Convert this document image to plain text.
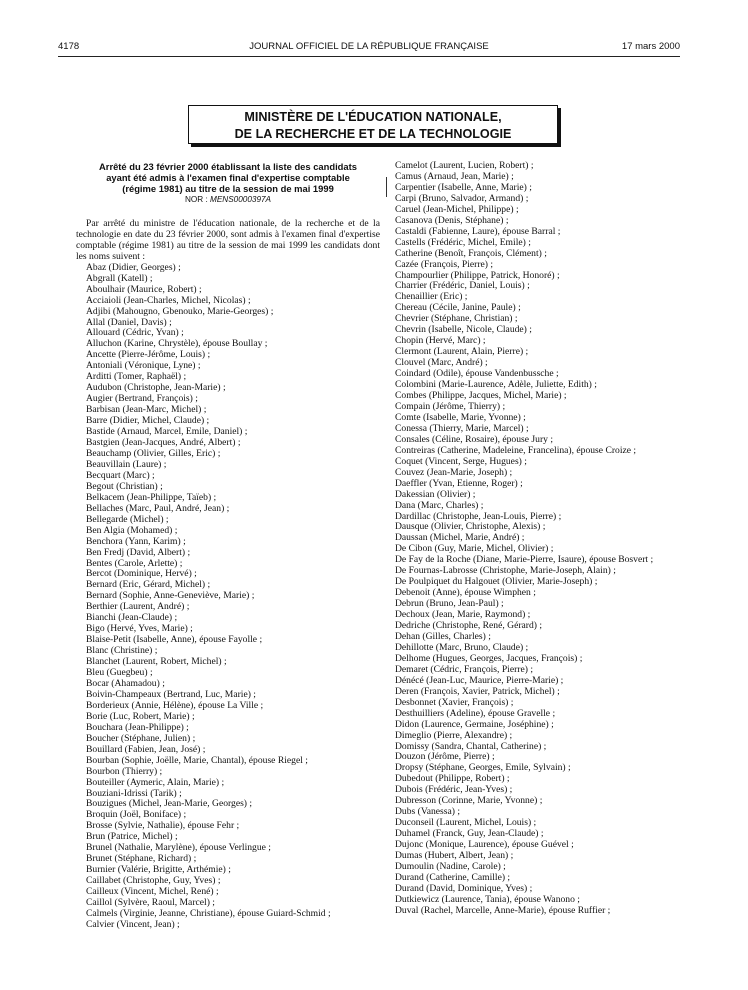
4178	JOURNAL OFFICIEL DE LA RÉPUBLIQUE FRANÇAISE	17 mars 2000
MINISTÈRE DE L'ÉDUCATION NATIONALE,
DE LA RECHERCHE ET DE LA TECHNOLOGIE
Arrêté du 23 février 2000 établissant la liste des candidats
ayant été admis à l'examen final d'expertise comptable
(régime 1981) au titre de la session de mai 1999
NOR : MENS0000397A

Par arrêté du ministre de l'éducation nationale, de la recherche et de la technologie en date du 23 février 2000, sont admis à l'examen final d'expertise comptable (régime 1981) au titre de la session de mai 1999 les candidats dont les noms suivent :

Abaz (Didier, Georges) ;
Abgrall (Katell) ;
Aboulhair (Maurice, Robert) ;
Acciaioli (Jean-Charles, Michel, Nicolas) ;
Adjibi (Mahougno, Gbenouko, Marie-Georges) ;
Allal (Daniel, Davis) ;
Allouard (Cédric, Yvan) ;
Alluchon (Karine, Chrystèle), épouse Boullay ;
Ancette (Pierre-Jérôme, Louis) ;
Antoniali (Véronique, Lyne) ;
Arditti (Tomer, Raphaël) ;
Audubon (Christophe, Jean-Marie) ;
Augier (Bertrand, François) ;
Barbisan (Jean-Marc, Michel) ;
Barre (Didier, Michel, Claude) ;
Bastide (Arnaud, Marcel, Emile, Daniel) ;
Bastgien (Jean-Jacques, André, Albert) ;
Beauchamp (Olivier, Gilles, Eric) ;
Beauvillain (Laure) ;
Becquart (Marc) ;
Begout (Christian) ;
Belkacem (Jean-Philippe, Taïeb) ;
Bellaches (Marc, Paul, André, Jean) ;
Bellegarde (Michel) ;
Ben Algia (Mohamed) ;
Benchora (Yann, Karim) ;
Ben Fredj (David, Albert) ;
Bentes (Carole, Arlette) ;
Bercot (Dominique, Hervé) ;
Bernard (Eric, Gérard, Michel) ;
Bernard (Sophie, Anne-Geneviève, Marie) ;
Berthier (Laurent, André) ;
Bianchi (Jean-Claude) ;
Bigo (Hervé, Yves, Marie) ;
Blaise-Petit (Isabelle, Anne), épouse Fayolle ;
Blanc (Christine) ;
Blanchet (Laurent, Robert, Michel) ;
Bleu (Guegbeu) ;
Bocar (Ahamadou) ;
Boivin-Champeaux (Bertrand, Luc, Marie) ;
Borderieux (Annie, Hélène), épouse La Ville ;
Borie (Luc, Robert, Marie) ;
Bouchara (Jean-Philippe) ;
Boucher (Stéphane, Julien) ;
Bouillard (Fabien, Jean, José) ;
Bourban (Sophie, Joëlle, Marie, Chantal), épouse Riegel ;
Bourbon (Thierry) ;
Bouteiller (Aymeric, Alain, Marie) ;
Bouziani-Idrissi (Tarik) ;
Bouzigues (Michel, Jean-Marie, Georges) ;
Broquin (Joël, Boniface) ;
Brosse (Sylvie, Nathalie), épouse Fehr ;
Brun (Patrice, Michel) ;
Brunel (Nathalie, Marylène), épouse Verlingue ;
Brunet (Stéphane, Richard) ;
Burnier (Valérie, Brigitte, Arthémie) ;
Caillabet (Christophe, Guy, Yves) ;
Cailleux (Vincent, Michel, René) ;
Caillol (Sylvère, Raoul, Marcel) ;
Calmels (Virginie, Jeanne, Christiane), épouse Guiard-Schmid ;
Calvier (Vincent, Jean) ;
Camelot (Laurent, Lucien, Robert) ;
Camus (Arnaud, Jean, Marie) ;
Carpentier (Isabelle, Anne, Marie) ;
Carpi (Bruno, Salvador, Armand) ;
Caruel (Jean-Michel, Philippe) ;
Casanova (Denis, Stéphane) ;
Castaldi (Fabienne, Laure), épouse Barral ;
Castells (Frédéric, Michel, Emile) ;
Catherine (Benoît, François, Clément) ;
Cazée (François, Pierre) ;
Champourlier (Philippe, Patrick, Honoré) ;
Charrier (Frédéric, Daniel, Louis) ;
Chenaillier (Eric) ;
Chereau (Cécile, Janine, Paule) ;
Chevrier (Stéphane, Christian) ;
Chevrin (Isabelle, Nicole, Claude) ;
Chopin (Hervé, Marc) ;
Clermont (Laurent, Alain, Pierre) ;
Clouvel (Marc, André) ;
Coindard (Odile), épouse Vandenbussche ;
Colombini (Marie-Laurence, Adèle, Juliette, Edith) ;
Combes (Philippe, Jacques, Michel, Marie) ;
Compain (Jérôme, Thierry) ;
Comte (Isabelle, Marie, Yvonne) ;
Conessa (Thierry, Marie, Marcel) ;
Consales (Céline, Rosaire), épouse Jury ;
Contreiras (Catherine, Madeleine, Francelina), épouse Croize ;
Coquet (Vincent, Serge, Hugues) ;
Couvez (Jean-Marie, Joseph) ;
Daeffler (Yvan, Etienne, Roger) ;
Dakessian (Olivier) ;
Dana (Marc, Charles) ;
Dardillac (Christophe, Jean-Louis, Pierre) ;
Dausque (Olivier, Christophe, Alexis) ;
Daussan (Michel, Marie, André) ;
De Cibon (Guy, Marie, Michel, Olivier) ;
De Fay de la Roche (Diane, Marie-Pierre, Isaure), épouse Bosvert ;
De Fournas-Labrosse (Christophe, Marie-Joseph, Alain) ;
De Poulpiquet du Halgouet (Olivier, Marie-Joseph) ;
Debenoit (Anne), épouse Wimphen ;
Debrun (Bruno, Jean-Paul) ;
Dechoux (Jean, Marie, Raymond) ;
Dedriche (Christophe, René, Gérard) ;
Dehan (Gilles, Charles) ;
Dehillotte (Marc, Bruno, Claude) ;
Delhome (Hugues, Georges, Jacques, François) ;
Demaret (Cédric, François, Pierre) ;
Dénécé (Jean-Luc, Maurice, Pierre-Marie) ;
Deren (François, Xavier, Patrick, Michel) ;
Desbonnet (Xavier, François) ;
Desthuilliers (Adeline), épouse Gravelle ;
Didon (Laurence, Germaine, Joséphine) ;
Dimeglio (Pierre, Alexandre) ;
Domissy (Sandra, Chantal, Catherine) ;
Douzon (Jérôme, Pierre) ;
Dropsy (Stéphane, Georges, Emile, Sylvain) ;
Dubedout (Philippe, Robert) ;
Dubois (Frédéric, Jean-Yves) ;
Dubresson (Corinne, Marie, Yvonne) ;
Dubs (Vanessa) ;
Duconseil (Laurent, Michel, Louis) ;
Duhamel (Franck, Guy, Jean-Claude) ;
Dujonc (Monique, Laurence), épouse Guével ;
Dumas (Hubert, Albert, Jean) ;
Dumoulin (Nadine, Carole) ;
Durand (Catherine, Camille) ;
Durand (David, Dominique, Yves) ;
Dutkiewicz (Laurence, Tania), épouse Wanono ;
Duval (Rachel, Marcelle, Anne-Marie), épouse Ruffier ;
